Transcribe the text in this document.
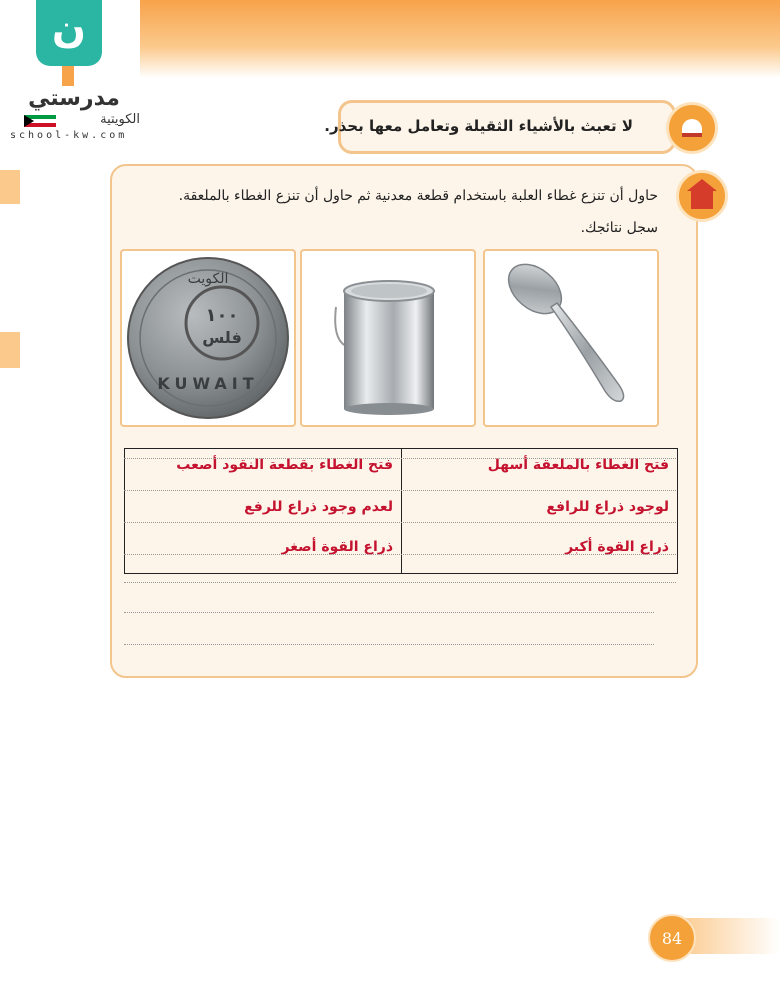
ن
مدرستي
الكويتية
school-kw.com
لا تعبث بالأشياء الثقيلة وتعامل معها بحذر.
حاول أن تنزع غطاء العلبة باستخدام قطعة معدنية ثم حاول أن تنزع الغطاء بالملعقة.
سجل نتائجك.
١٠٠
فلس
الكويت
KUWAIT
فتح الغطاء بالملعقة أسهل
فتح الغطاء بقطعة النقود أصعب
لوجود ذراع للرافع
لعدم وجود ذراع للرفع
ذراع القوة أكبر
ذراع القوة أصغر
84
